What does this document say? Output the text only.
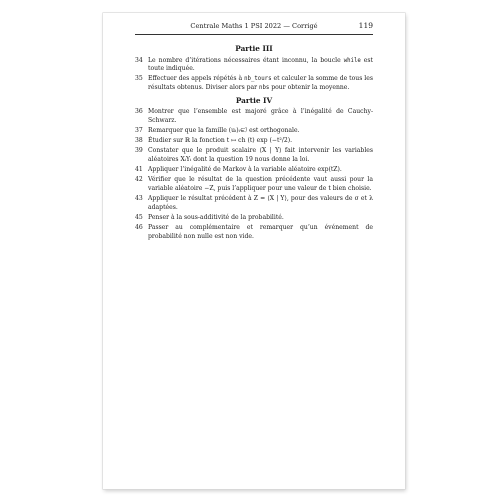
Centrale Maths 1 PSI 2022 — Corrigé	119
Partie III
34 Le nombre d’itérations nécessaires étant inconnu, la boucle while est toute indiquée.
35 Effectuer des appels répétés à nb_tours et calculer la somme de tous les résultats obtenus. Diviser alors par nbs pour obtenir la moyenne.
Partie IV
36 Montrer que l’ensemble est majoré grâce à l’inégalité de Cauchy-Schwarz.
37 Remarquer que la famille (uᵢ)ᵢ∈ℐ est orthogonale.
38 Étudier sur ℝ la fonction t ↦ ch (t) exp (−t²/2).
39 Constater que le produit scalaire ⟨X | Y⟩ fait intervenir les variables aléatoires XᵢYᵢ dont la question 19 nous donne la loi.
41 Appliquer l’inégalité de Markov à la variable aléatoire exp(tZ).
42 Vérifier que le résultat de la question précédente vaut aussi pour la variable aléatoire −Z, puis l’appliquer pour une valeur de t bien choisie.
43 Appliquer le résultat précédent à Z = ⟨X | Y⟩, pour des valeurs de σ et λ adaptées.
45 Penser à la sous-additivité de la probabilité.
46 Passer au complémentaire et remarquer qu’un événement de probabilité non nulle est non vide.
